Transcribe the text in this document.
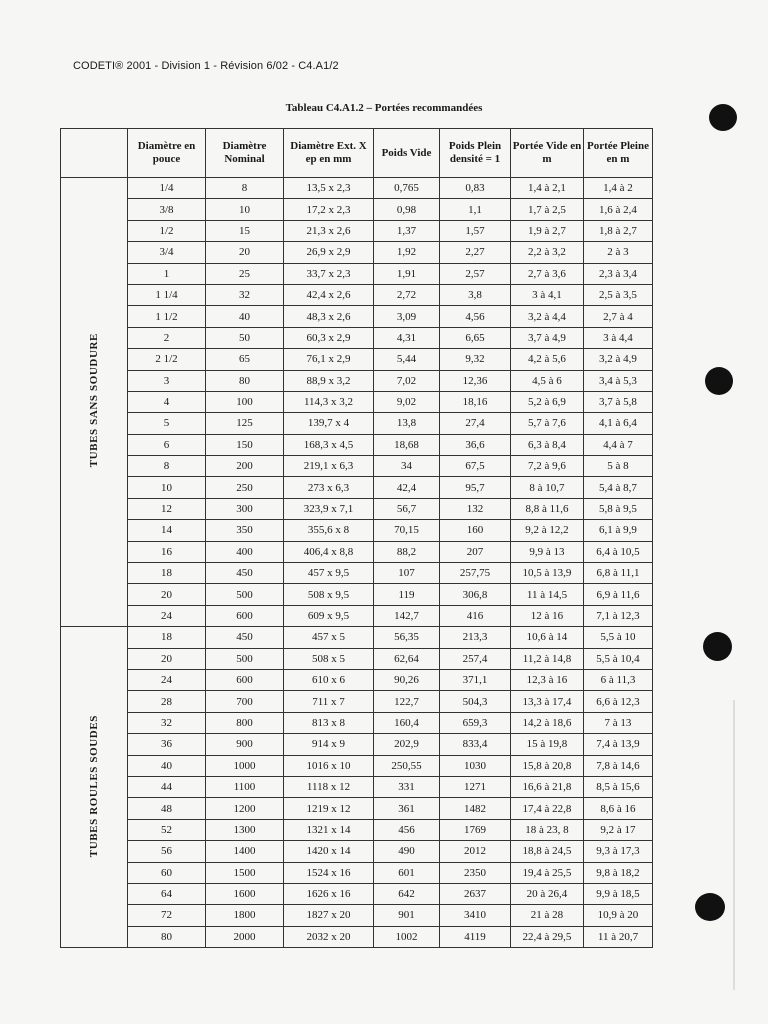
CODETI® 2001 - Division 1 - Révision 6/02 - C4.A1/2
Tableau C4.A1.2 – Portées recommandées
	Diamètre en pouce	Diamètre Nominal	Diamètre Ext. X ep en mm	Poids Vide	Poids Plein densité = 1	Portée Vide en m	Portée Pleine en m
TUBES SANS SOUDURE	1/4	8	13,5 x 2,3	0,765	0,83	1,4 à 2,1	1,4 à 2
	3/8	10	17,2 x 2,3	0,98	1,1	1,7 à 2,5	1,6 à 2,4
	1/2	15	21,3 x 2,6	1,37	1,57	1,9 à 2,7	1,8 à 2,7
	3/4	20	26,9 x 2,9	1,92	2,27	2,2 à 3,2	2 à 3
	1	25	33,7 x 2,3	1,91	2,57	2,7 à 3,6	2,3 à 3,4
	1 1/4	32	42,4 x 2,6	2,72	3,8	3 à 4,1	2,5 à 3,5
	1 1/2	40	48,3 x 2,6	3,09	4,56	3,2 à 4,4	2,7 à 4
	2	50	60,3 x 2,9	4,31	6,65	3,7 à 4,9	3 à 4,4
	2 1/2	65	76,1 x 2,9	5,44	9,32	4,2 à 5,6	3,2 à 4,9
	3	80	88,9 x 3,2	7,02	12,36	4,5 à 6	3,4 à 5,3
	4	100	114,3 x 3,2	9,02	18,16	5,2 à 6,9	3,7 à 5,8
	5	125	139,7 x 4	13,8	27,4	5,7 à 7,6	4,1 à 6,4
	6	150	168,3 x 4,5	18,68	36,6	6,3 à 8,4	4,4 à 7
	8	200	219,1 x 6,3	34	67,5	7,2 à 9,6	5 à 8
	10	250	273 x 6,3	42,4	95,7	8 à 10,7	5,4 à 8,7
	12	300	323,9 x 7,1	56,7	132	8,8 à 11,6	5,8 à 9,5
	14	350	355,6 x 8	70,15	160	9,2 à 12,2	6,1 à 9,9
	16	400	406,4 x 8,8	88,2	207	9,9 à 13	6,4 à 10,5
	18	450	457 x 9,5	107	257,75	10,5 à 13,9	6,8 à 11,1
	20	500	508 x 9,5	119	306,8	11 à 14,5	6,9 à 11,6
	24	600	609 x 9,5	142,7	416	12 à 16	7,1 à 12,3
TUBES ROULES SOUDES	18	450	457 x 5	56,35	213,3	10,6 à 14	5,5 à 10
	20	500	508 x 5	62,64	257,4	11,2 à 14,8	5,5 à 10,4
	24	600	610 x 6	90,26	371,1	12,3 à 16	6 à 11,3
	28	700	711 x 7	122,7	504,3	13,3 à 17,4	6,6 à 12,3
	32	800	813 x 8	160,4	659,3	14,2 à 18,6	7 à 13
	36	900	914 x 9	202,9	833,4	15 à 19,8	7,4 à 13,9
	40	1000	1016 x 10	250,55	1030	15,8 à 20,8	7,8 à 14,6
	44	1100	1118 x 12	331	1271	16,6 à 21,8	8,5 à 15,6
	48	1200	1219 x 12	361	1482	17,4 à 22,8	8,6 à 16
	52	1300	1321 x 14	456	1769	18 à 23, 8	9,2 à 17
	56	1400	1420 x 14	490	2012	18,8 à 24,5	9,3 à 17,3
	60	1500	1524 x 16	601	2350	19,4 à 25,5	9,8 à 18,2
	64	1600	1626 x 16	642	2637	20 à 26,4	9,9 à 18,5
	72	1800	1827 x 20	901	3410	21 à 28	10,9 à 20
	80	2000	2032 x 20	1002	4119	22,4 à 29,5	11 à 20,7
